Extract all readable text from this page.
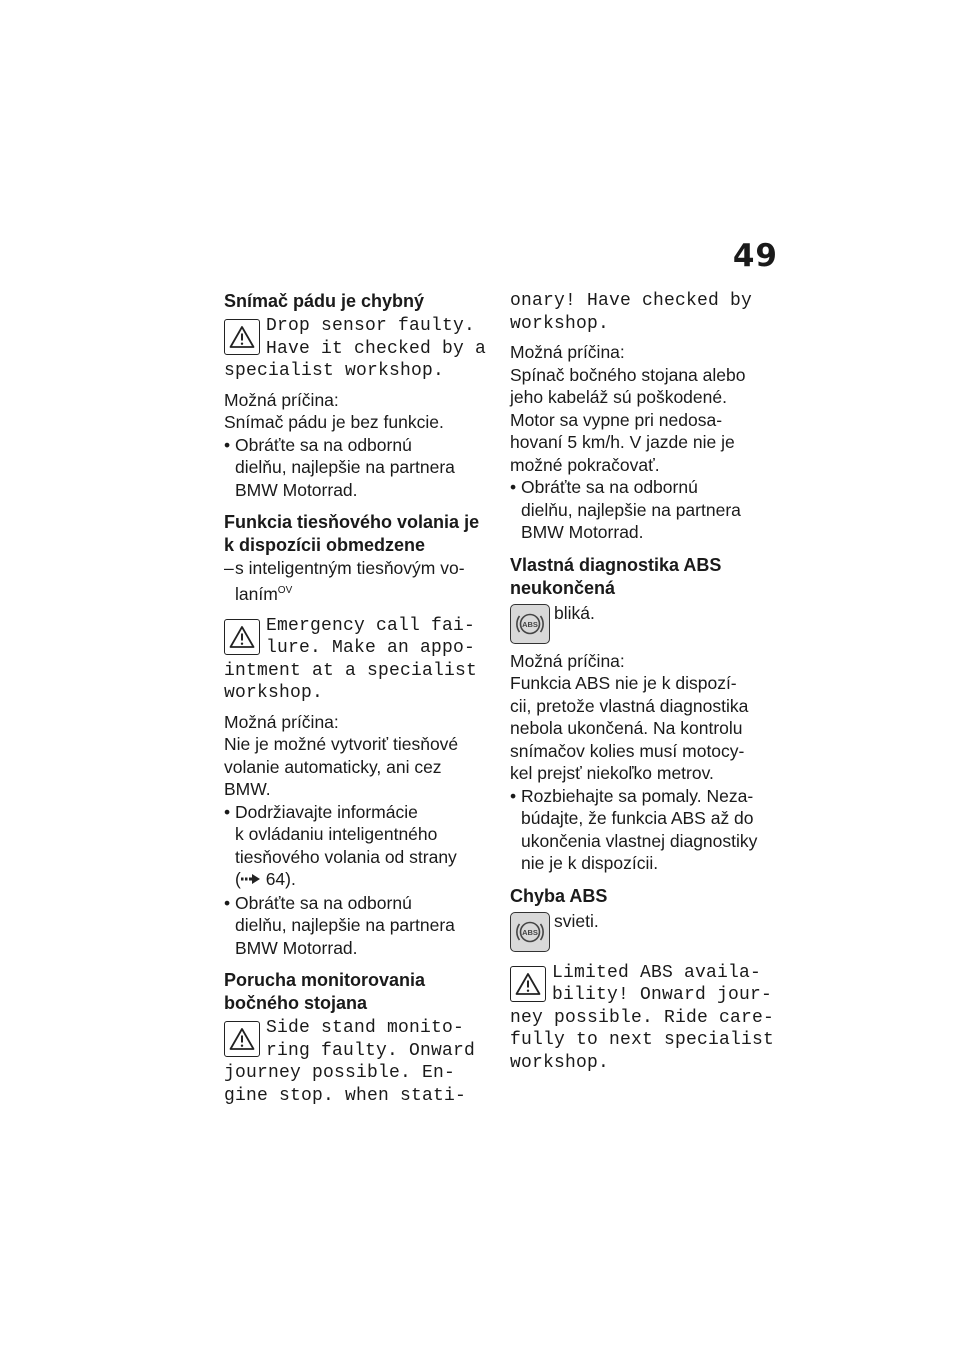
49

Snímač pádu je chybný

Drop sensor faulty.
Have it checked by a
specialist workshop.

Možná príčina:

Snímač pádu je bez funkcie.

• Obráťte sa na odbornú
dielňu, najlepšie na partnera
BMW Motorrad.

Funkcia tiesňového volania je

k dispozícii obmedzene

– s inteligentným tiesňovým vo-
laním$^{OV}$
Emergency call fai-
lure. Make an appo-
intment at a specialist
workshop.

Možná príčina:

Nie je možné vytvoriť tiesňové

volanie automaticky, ani cez

BMW.

• Dodržiavajte informácie
k ovládaniu inteligentného
tiesňového volania od strany
( 64).
• Obráťte sa na odbornú
dielňu, najlepšie na partnera
BMW Motorrad.

Porucha monitorovania

bočného stojana

Side stand monito-
ring faulty. Onward
journey possible. En-
gine stop. when stati-
onary! Have checked by
workshop.

Možná príčina:

Spínač bočného stojana alebo

jeho kabeláž sú poškodené.

Motor sa vypne pri nedosa-

hovaní 5 km/h. V jazde nie je

možné pokračovať.

• Obráťte sa na odbornú
dielňu, najlepšie na partnera
BMW Motorrad.

Vlastná diagnostika ABS

neukončená

ABS
bliká.

Možná príčina:

Funkcia ABS nie je k dispozí-

cii, pretože vlastná diagnostika

nebola ukončená. Na kontrolu

snímačov kolies musí motocy-

kel prejsť niekoľko metrov.

• Rozbiehajte sa pomaly. Neza-
búdajte, že funkcia ABS až do
ukončenia vlastnej diagnostiky
nie je k dispozícii.

Chyba ABS

ABS
svieti.
Limited ABS availa-
bility! Onward jour-
ney possible. Ride care-
fully to next specialist
workshop.
